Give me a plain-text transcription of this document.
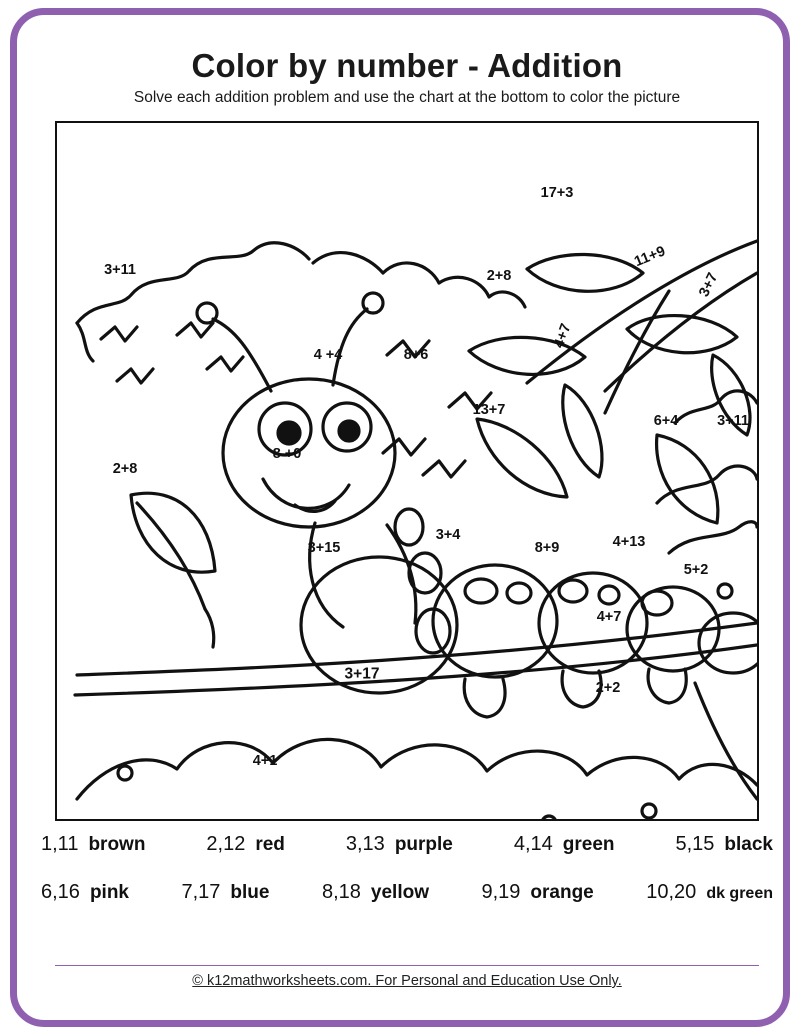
Color by number - Addition
Solve each addition problem and use the chart at the bottom to color the picture
3+11
17+3
2+8
11+9
3+7
4+7
8+6
4 +4
13+7
6+4	3+11
2+8
8 +0
3+15
3+4
8+9	4+13
5+2
4+7
3+17
2+2
4+1
1,11 brown	2,12 red	3,13 purple	4,14 green	5,15 black
6,16 pink	7,17 blue	8,18 yellow	9,19 orange	10,20 dk green
© k12mathworksheets.com. For Personal and Education Use Only.
